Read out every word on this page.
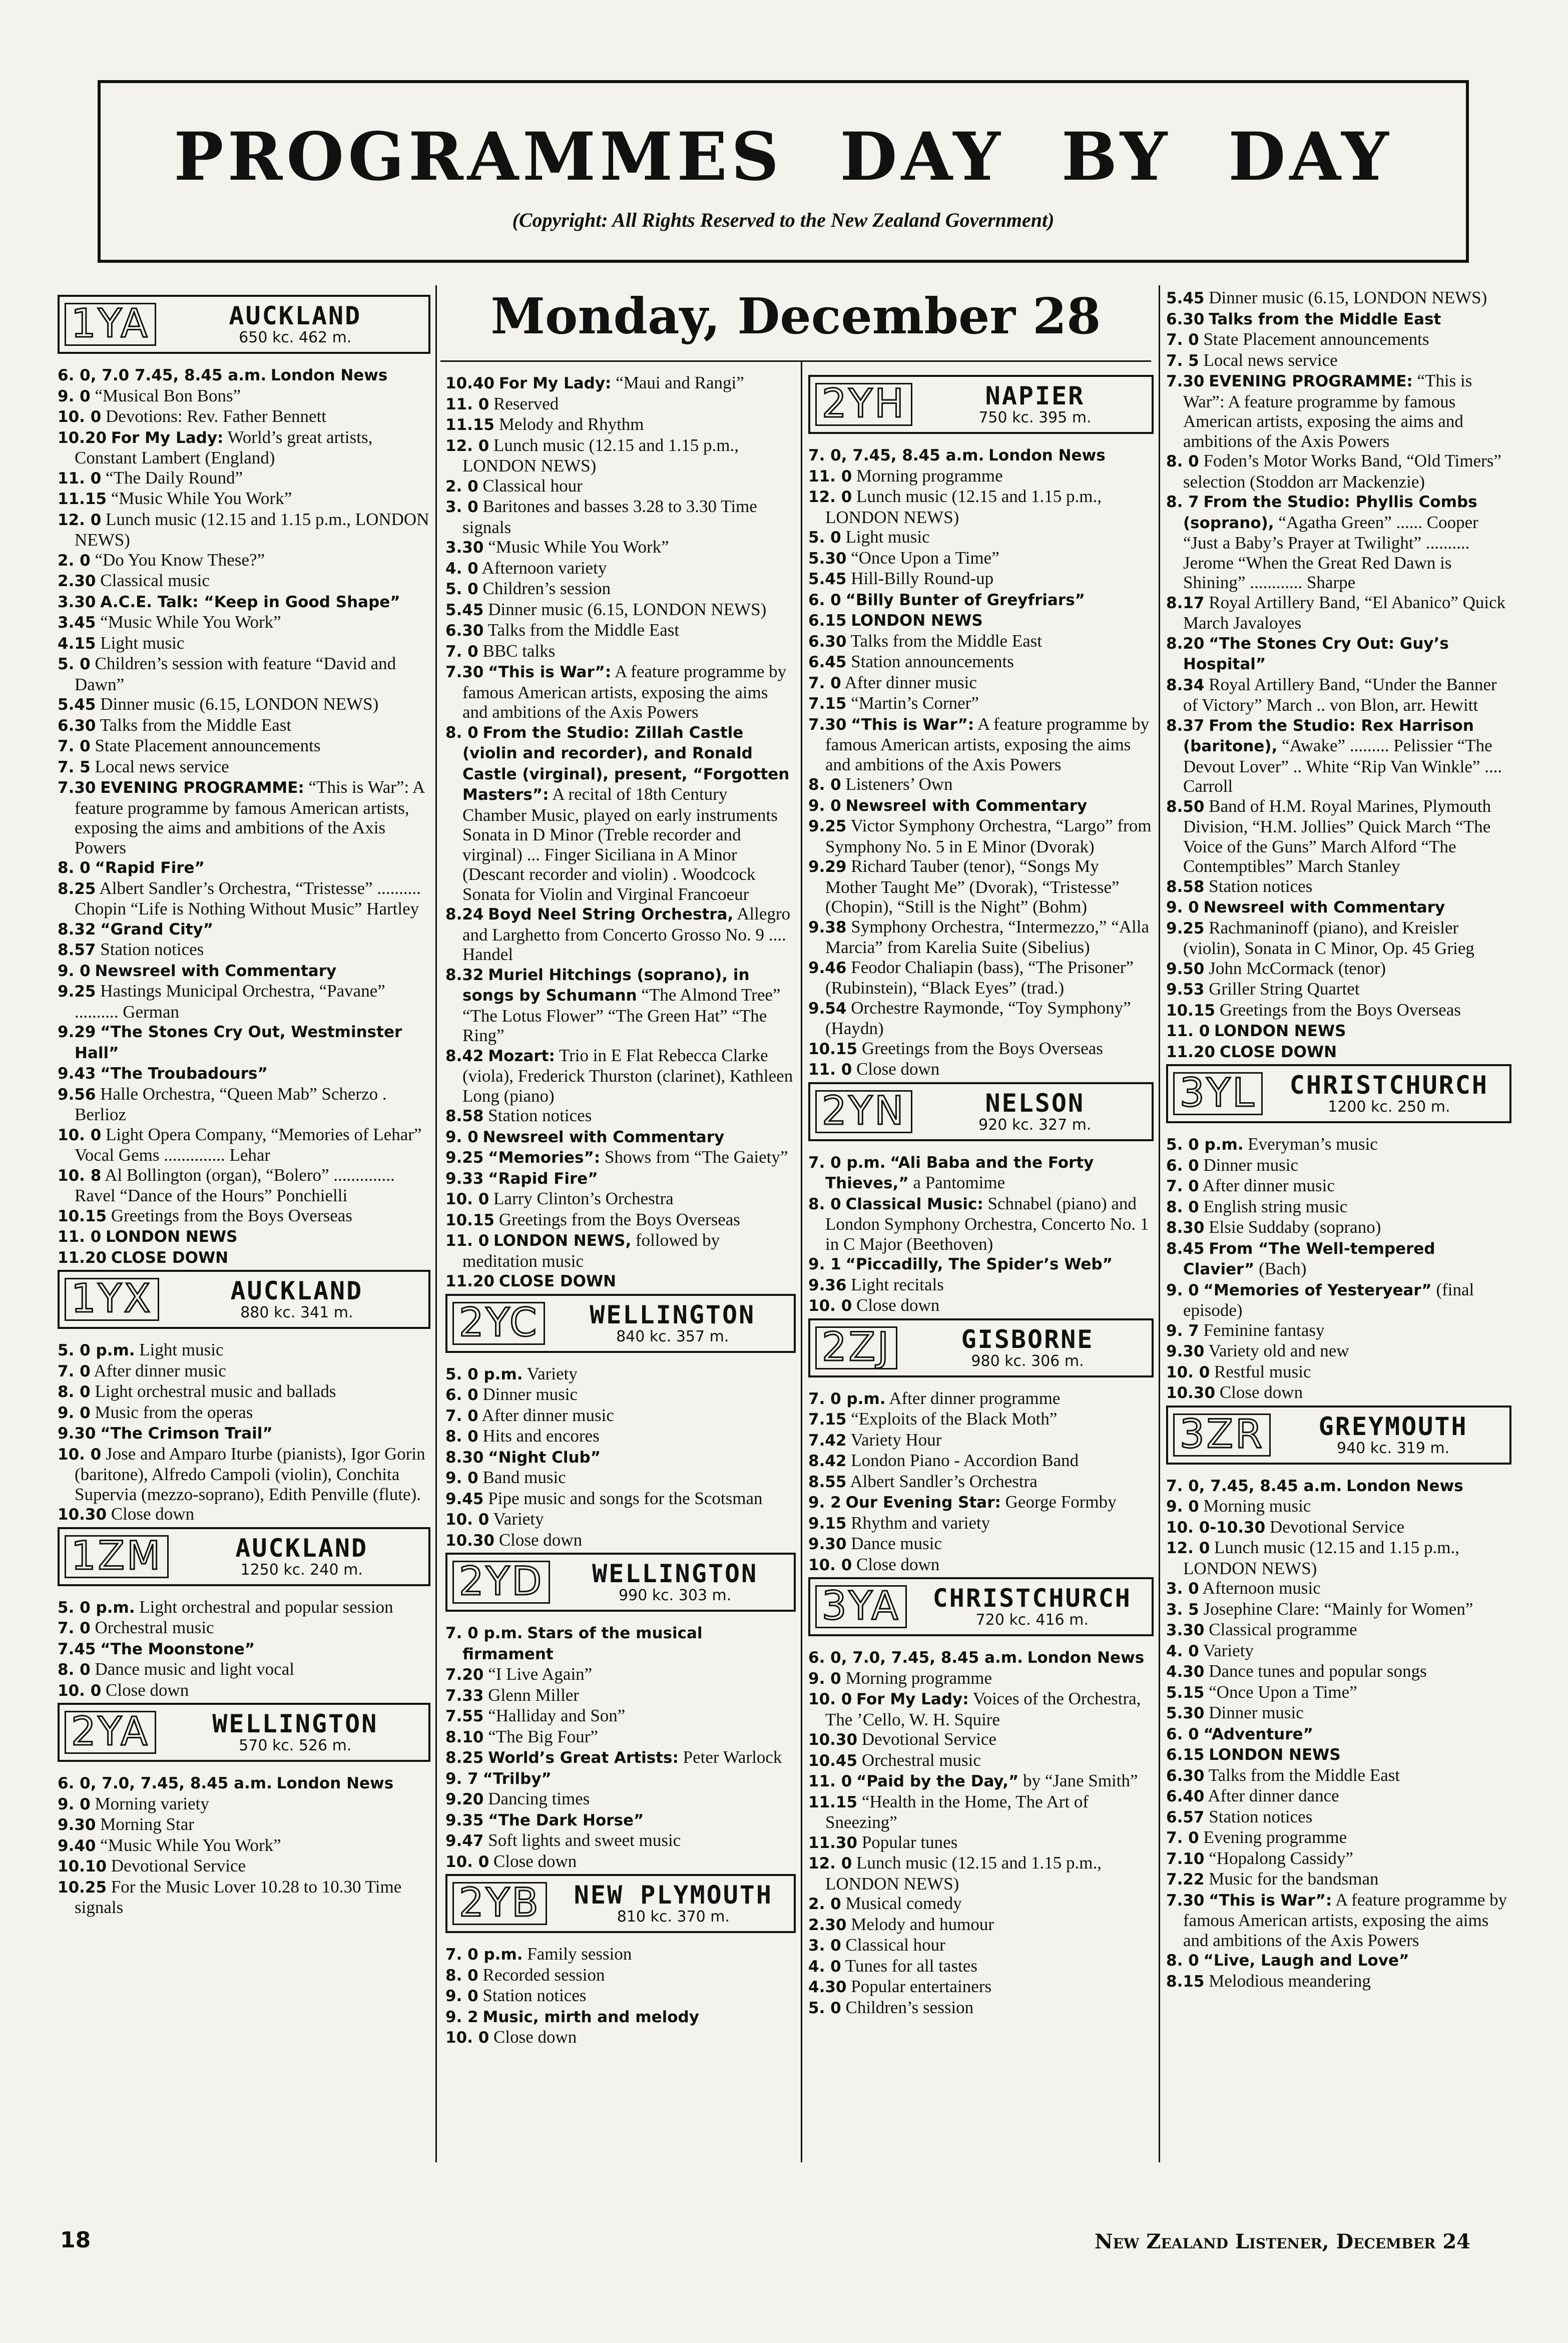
PROGRAMMES DAY BY DAY
(Copyright: All Rights Reserved to the New Zealand Government)
Monday, December 28
1YA	AUCKLAND
650 kc. 462 m.
6. 0, 7.0 7.45, 8.45 a.m. London News
9. 0 “Musical Bon Bons”
10. 0 Devotions: Rev. Father Bennett
10.20 For My Lady: World’s great artists, Constant Lambert (England)
11. 0 “The Daily Round”
11.15 “Music While You Work”
12. 0 Lunch music (12.15 and 1.15 p.m., LONDON NEWS)
2. 0 “Do You Know These?”
2.30 Classical music
3.30 A.C.E. Talk: “Keep in Good Shape”
3.45 “Music While You Work”
4.15 Light music
5. 0 Children’s session with feature “David and Dawn”
5.45 Dinner music (6.15, LONDON NEWS)
6.30 Talks from the Middle East
7. 0 State Placement announcements
7. 5 Local news service
7.30 EVENING PROGRAMME: “This is War”: A feature programme by famous American artists, exposing the aims and ambitions of the Axis Powers
8. 0 “Rapid Fire”
8.25 Albert Sandler’s Orchestra, “Tristesse” .......... Chopin “Life is Nothing Without Music” Hartley
8.32 “Grand City”
8.57 Station notices
9. 0 Newsreel with Commentary
9.25 Hastings Municipal Orchestra, “Pavane” .......... German
9.29 “The Stones Cry Out, Westminster Hall”
9.43 “The Troubadours”
9.56 Halle Orchestra, “Queen Mab” Scherzo . Berlioz
10. 0 Light Opera Company, “Memories of Lehar” Vocal Gems .............. Lehar
10. 8 Al Bollington (organ), “Bolero” .............. Ravel “Dance of the Hours” Ponchielli
10.15 Greetings from the Boys Overseas
11. 0 LONDON NEWS
11.20 CLOSE DOWN
1YX	AUCKLAND
880 kc. 341 m.
5. 0 p.m. Light music
7. 0 After dinner music
8. 0 Light orchestral music and ballads
9. 0 Music from the operas
9.30 “The Crimson Trail”
10. 0 Jose and Amparo Iturbe (pianists), Igor Gorin (baritone), Alfredo Campoli (violin), Conchita Supervia (mezzo-soprano), Edith Penville (flute).
10.30 Close down
1ZM	AUCKLAND
1250 kc. 240 m.
5. 0 p.m. Light orchestral and popular session
7. 0 Orchestral music
7.45 “The Moonstone”
8. 0 Dance music and light vocal
10. 0 Close down
2YA	WELLINGTON
570 kc. 526 m.
6. 0, 7.0, 7.45, 8.45 a.m. London News
9. 0 Morning variety
9.30 Morning Star
9.40 “Music While You Work”
10.10 Devotional Service
10.25 For the Music Lover 10.28 to 10.30 Time signals
10.40 For My Lady: “Maui and Rangi”
11. 0 Reserved
11.15 Melody and Rhythm
12. 0 Lunch music (12.15 and 1.15 p.m., LONDON NEWS)
2. 0 Classical hour
3. 0 Baritones and basses 3.28 to 3.30 Time signals
3.30 “Music While You Work”
4. 0 Afternoon variety
5. 0 Children’s session
5.45 Dinner music (6.15, LONDON NEWS)
6.30 Talks from the Middle East
7. 0 BBC talks
7.30 “This is War”: A feature programme by famous American artists, exposing the aims and ambitions of the Axis Powers
8. 0 From the Studio: Zillah Castle (violin and recorder), and Ronald Castle (virginal), present, “Forgotten Masters”: A recital of 18th Century Chamber Music, played on early instruments Sonata in D Minor (Treble recorder and virginal) ... Finger Siciliana in A Minor (Descant recorder and violin) . Woodcock Sonata for Violin and Virginal Francoeur
8.24 Boyd Neel String Orchestra, Allegro and Larghetto from Concerto Grosso No. 9 .... Handel
8.32 Muriel Hitchings (soprano), in songs by Schumann “The Almond Tree” “The Lotus Flower” “The Green Hat” “The Ring”
8.42 Mozart: Trio in E Flat Rebecca Clarke (viola), Frederick Thurston (clarinet), Kathleen Long (piano)
8.58 Station notices
9. 0 Newsreel with Commentary
9.25 “Memories”: Shows from “The Gaiety”
9.33 “Rapid Fire”
10. 0 Larry Clinton’s Orchestra
10.15 Greetings from the Boys Overseas
11. 0 LONDON NEWS, followed by meditation music
11.20 CLOSE DOWN
2YC	WELLINGTON
840 kc. 357 m.
5. 0 p.m. Variety
6. 0 Dinner music
7. 0 After dinner music
8. 0 Hits and encores
8.30 “Night Club”
9. 0 Band music
9.45 Pipe music and songs for the Scotsman
10. 0 Variety
10.30 Close down
2YD	WELLINGTON
990 kc. 303 m.
7. 0 p.m. Stars of the musical firmament
7.20 “I Live Again”
7.33 Glenn Miller
7.55 “Halliday and Son”
8.10 “The Big Four”
8.25 World’s Great Artists: Peter Warlock
9. 7 “Trilby”
9.20 Dancing times
9.35 “The Dark Horse”
9.47 Soft lights and sweet music
10. 0 Close down
2YB	NEW PLYMOUTH
810 kc. 370 m.
7. 0 p.m. Family session
8. 0 Recorded session
9. 0 Station notices
9. 2 Music, mirth and melody
10. 0 Close down
2YH	NAPIER
750 kc. 395 m.
7. 0, 7.45, 8.45 a.m. London News
11. 0 Morning programme
12. 0 Lunch music (12.15 and 1.15 p.m., LONDON NEWS)
5. 0 Light music
5.30 “Once Upon a Time”
5.45 Hill-Billy Round-up
6. 0 “Billy Bunter of Greyfriars”
6.15 LONDON NEWS
6.30 Talks from the Middle East
6.45 Station announcements
7. 0 After dinner music
7.15 “Martin’s Corner”
7.30 “This is War”: A feature programme by famous American artists, exposing the aims and ambitions of the Axis Powers
8. 0 Listeners’ Own
9. 0 Newsreel with Commentary
9.25 Victor Symphony Orchestra, “Largo” from Symphony No. 5 in E Minor (Dvorak)
9.29 Richard Tauber (tenor), “Songs My Mother Taught Me” (Dvorak), “Tristesse” (Chopin), “Still is the Night” (Bohm)
9.38 Symphony Orchestra, “Intermezzo,” “Alla Marcia” from Karelia Suite (Sibelius)
9.46 Feodor Chaliapin (bass), “The Prisoner” (Rubinstein), “Black Eyes” (trad.)
9.54 Orchestre Raymonde, “Toy Symphony” (Haydn)
10.15 Greetings from the Boys Overseas
11. 0 Close down
2YN	NELSON
920 kc. 327 m.
7. 0 p.m. “Ali Baba and the Forty Thieves,” a Pantomime
8. 0 Classical Music: Schnabel (piano) and London Symphony Orchestra, Concerto No. 1 in C Major (Beethoven)
9. 1 “Piccadilly, The Spider’s Web”
9.36 Light recitals
10. 0 Close down
2ZJ	GISBORNE
980 kc. 306 m.
7. 0 p.m. After dinner programme
7.15 “Exploits of the Black Moth”
7.42 Variety Hour
8.42 London Piano - Accordion Band
8.55 Albert Sandler’s Orchestra
9. 2 Our Evening Star: George Formby
9.15 Rhythm and variety
9.30 Dance music
10. 0 Close down
3YA	CHRISTCHURCH
720 kc. 416 m.
6. 0, 7.0, 7.45, 8.45 a.m. London News
9. 0 Morning programme
10. 0 For My Lady: Voices of the Orchestra, The ’Cello, W. H. Squire
10.30 Devotional Service
10.45 Orchestral music
11. 0 “Paid by the Day,” by “Jane Smith”
11.15 “Health in the Home, The Art of Sneezing”
11.30 Popular tunes
12. 0 Lunch music (12.15 and 1.15 p.m., LONDON NEWS)
2. 0 Musical comedy
2.30 Melody and humour
3. 0 Classical hour
4. 0 Tunes for all tastes
4.30 Popular entertainers
5. 0 Children’s session
5.45 Dinner music (6.15, LONDON NEWS)
6.30 Talks from the Middle East
7. 0 State Placement announcements
7. 5 Local news service
7.30 EVENING PROGRAMME: “This is War”: A feature programme by famous American artists, exposing the aims and ambitions of the Axis Powers
8. 0 Foden’s Motor Works Band, “Old Timers” selection (Stoddon arr Mackenzie)
8. 7 From the Studio: Phyllis Combs (soprano), “Agatha Green” ...... Cooper “Just a Baby’s Prayer at Twilight” .......... Jerome “When the Great Red Dawn is Shining” ............ Sharpe
8.17 Royal Artillery Band, “El Abanico” Quick March Javaloyes
8.20 “The Stones Cry Out: Guy’s Hospital”
8.34 Royal Artillery Band, “Under the Banner of Victory” March .. von Blon, arr. Hewitt
8.37 From the Studio: Rex Harrison (baritone), “Awake” ......... Pelissier “The Devout Lover” .. White “Rip Van Winkle” .... Carroll
8.50 Band of H.M. Royal Marines, Plymouth Division, “H.M. Jollies” Quick March “The Voice of the Guns” March Alford “The Contemptibles” March Stanley
8.58 Station notices
9. 0 Newsreel with Commentary
9.25 Rachmaninoff (piano), and Kreisler (violin), Sonata in C Minor, Op. 45 Grieg
9.50 John McCormack (tenor)
9.53 Griller String Quartet
10.15 Greetings from the Boys Overseas
11. 0 LONDON NEWS
11.20 CLOSE DOWN
3YL	CHRISTCHURCH
1200 kc. 250 m.
5. 0 p.m. Everyman’s music
6. 0 Dinner music
7. 0 After dinner music
8. 0 English string music
8.30 Elsie Suddaby (soprano)
8.45 From “The Well-tempered Clavier” (Bach)
9. 0 “Memories of Yesteryear” (final episode)
9. 7 Feminine fantasy
9.30 Variety old and new
10. 0 Restful music
10.30 Close down
3ZR	GREYMOUTH
940 kc. 319 m.
7. 0, 7.45, 8.45 a.m. London News
9. 0 Morning music
10. 0-10.30 Devotional Service
12. 0 Lunch music (12.15 and 1.15 p.m., LONDON NEWS)
3. 0 Afternoon music
3. 5 Josephine Clare: “Mainly for Women”
3.30 Classical programme
4. 0 Variety
4.30 Dance tunes and popular songs
5.15 “Once Upon a Time”
5.30 Dinner music
6. 0 “Adventure”
6.15 LONDON NEWS
6.30 Talks from the Middle East
6.40 After dinner dance
6.57 Station notices
7. 0 Evening programme
7.10 “Hopalong Cassidy”
7.22 Music for the bandsman
7.30 “This is War”: A feature programme by famous American artists, exposing the aims and ambitions of the Axis Powers
8. 0 “Live, Laugh and Love”
8.15 Melodious meandering
18	New Zealand Listener, December 24
